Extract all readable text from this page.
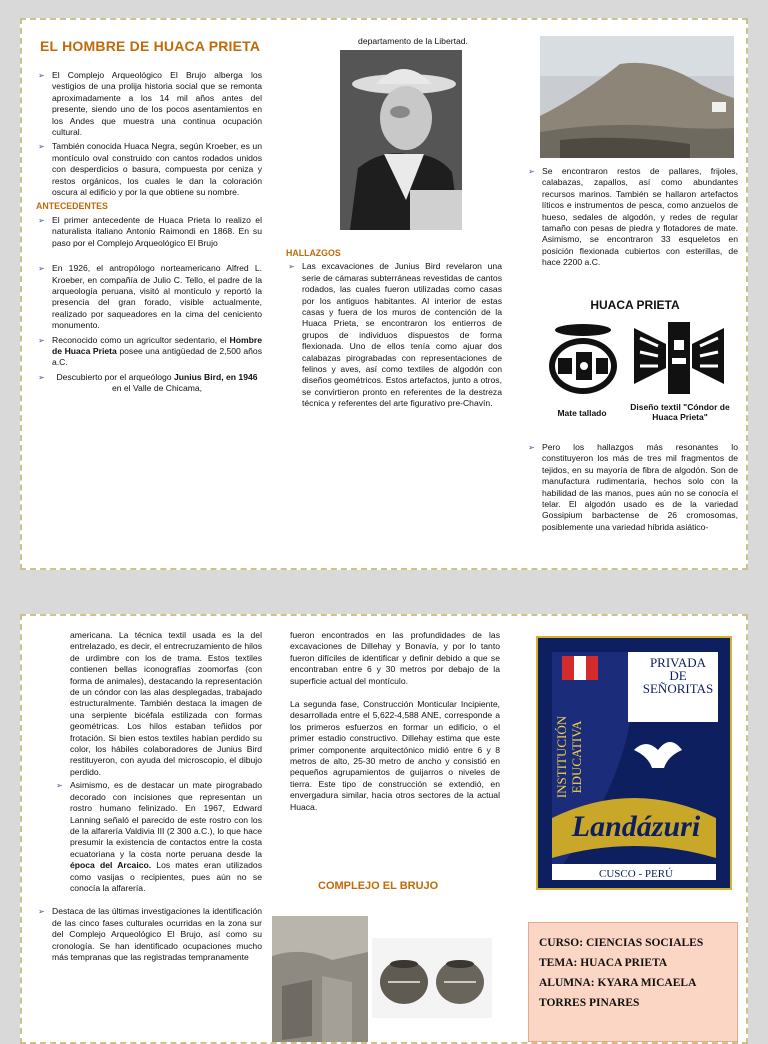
EL HOMBRE DE HUACA PRIETA
➢ El Complejo Arqueológico El Brujo alberga los vestigios de una prolija historia social que se remonta aproximadamente a los 14 mil años antes del presente, siendo uno de los pocos asentamientos en los Andes que muestra una continua ocupación cultural.
➢ También conocida Huaca Negra, según Kroeber, es un montículo oval construido con cantos rodados unidos con desperdicios o basura, compuesta por ceniza y restos orgánicos, los cuales le dan la coloración oscura al edificio y por la que obtiene su nombre.
ANTECEDENTES
➢ El primer antecedente de Huaca Prieta lo realizo el naturalista italiano Antonio Raimondi en 1868. En su paso por el Complejo Arqueológico El Brujo
➢ En 1926, el antropólogo norteamericano Alfred L. Kroeber, en compañía de Julio C. Tello, el padre de la arqueología peruana, visitó al montículo y reportó la presencia del gran forado, visible actualmente, realizado por saqueadores en la cima del ceniciento monumento.
➢ Reconocido como un agricultor sedentario, el Hombre de Huaca Prieta posee una antigüedad de 2,500 años a.C.
➢ Descubierto por el arqueólogo Junius Bird, en 1946 en el Valle de Chicama,
departamento de la Libertad.
HALLAZGOS
➢ Las excavaciones de Junius Bird revelaron una serie de cámaras subterráneas revestidas de cantos rodados, las cuales fueron utilizadas como casas por los antiguos habitantes. Al interior de estas casas y fuera de los muros de contención de la Huaca Prieta, se encontraron los entierros de grupos de individuos dispuestos de forma flexionada. Uno de ellos tenía como ajuar dos calabazas pirograbadas con representaciones de felinos y aves, así como textiles de algodón con diseños geométricos. Estos artefactos, junto a otros, se convirtieron pronto en referentes de la destreza técnica y referentes del arte figurativo pre-Chavín.
➢ Se encontraron restos de pallares, frijoles, calabazas, zapallos, así como abundantes recursos marinos. También se hallaron artefactos líticos e instrumentos de pesca, como anzuelos de hueso, sedales de algodón, y redes de regular tamaño con pesas de piedra y flotadores de mate. Asimismo, se encontraron 33 esqueletos en posición flexionada cubiertos con esterillas, de hace 2200 a.C.
HUACA PRIETA
Mate tallado
Diseño textil "Cóndor de Huaca Prieta"
➢ Pero los hallazgos más resonantes lo constituyeron los más de tres mil fragmentos de tejidos, en su mayoría de fibra de algodón. Son de manufactura rudimentaria, hechos solo con la habilidad de las manos, pues aún no se conocía el telar. El algodón usado es de la variedad Gossipium barbactense de 26 cromosomas, posiblemente una variedad híbrida asiático-

americana. La técnica textil usada es la del entrelazado, es decir, el entrecruzamiento de hilos de urdimbre con los de trama. Estos textiles contienen bellas iconografías zoomorfas (con forma de animales), destacando la representación de un cóndor con las alas desplegadas, trabajado estructuralmente. También destaca la imagen de una serpiente bicéfala estilizada con formas geométricas. Los hilos estaban teñidos por frotación. Si bien estos textiles habían perdido su color, los hábiles colaboradores de Junius Bird restituyeron, con ayuda del microscopio, el dibujo perdido.

➢ Asimismo, es de destacar un mate pirograbado decorado con incisiones que representan un rostro humano felinizado. En 1967, Edward Lanning señaló el parecido de este rostro con los de la alfarería Valdivia III (2 300 a.C.), lo que hace presumir la existencia de contactos entre la costa ecuatoriana y la costa norte peruana desde la época del Arcaico. Los mates eran utilizados como vasijas o recipientes, pues aún no se conocía la alfarería.
➢ Destaca de las últimas investigaciones la identificación de las cinco fases culturales ocurridas en la zona sur del Complejo Arqueológico El Brujo, así como su cronología. Se han identificado ocupaciones mucho más tempranas que las registradas tempranamente

fueron encontrados en las profundidades de las excavaciones de Dillehay y Bonavía, y por lo tanto fueron difíciles de identificar y definir debido a que se encontraban entre 6 y 30 metros por debajo de la superficie actual del montículo.

La segunda fase, Construcción Monticular Incipiente, desarrollada entre el 5,622-4,588 ANE, corresponde a los primeros esfuerzos en formar un edificio, o el primer estadio constructivo. Dillehay estima que este primer componente arquitectónico midió entre 6 y 8 metros de alto, 25-30 metro de ancho y consistió en pequeños agrupamientos de guijarros o niveles de tierra. Este tipo de construcción se extendió, en envergadura similar, hacia otros sectores de la actual Huaca.

COMPLEJO EL BRUJO
PRIVADA
DE
SEÑORITAS
INSTITUCIÓN EDUCATIVA
Landázuri
CUSCO - PERÚ
CURSO: CIENCIAS SOCIALES
TEMA: HUACA PRIETA
ALUMNA: KYARA MICAELA
TORRES PINARES
